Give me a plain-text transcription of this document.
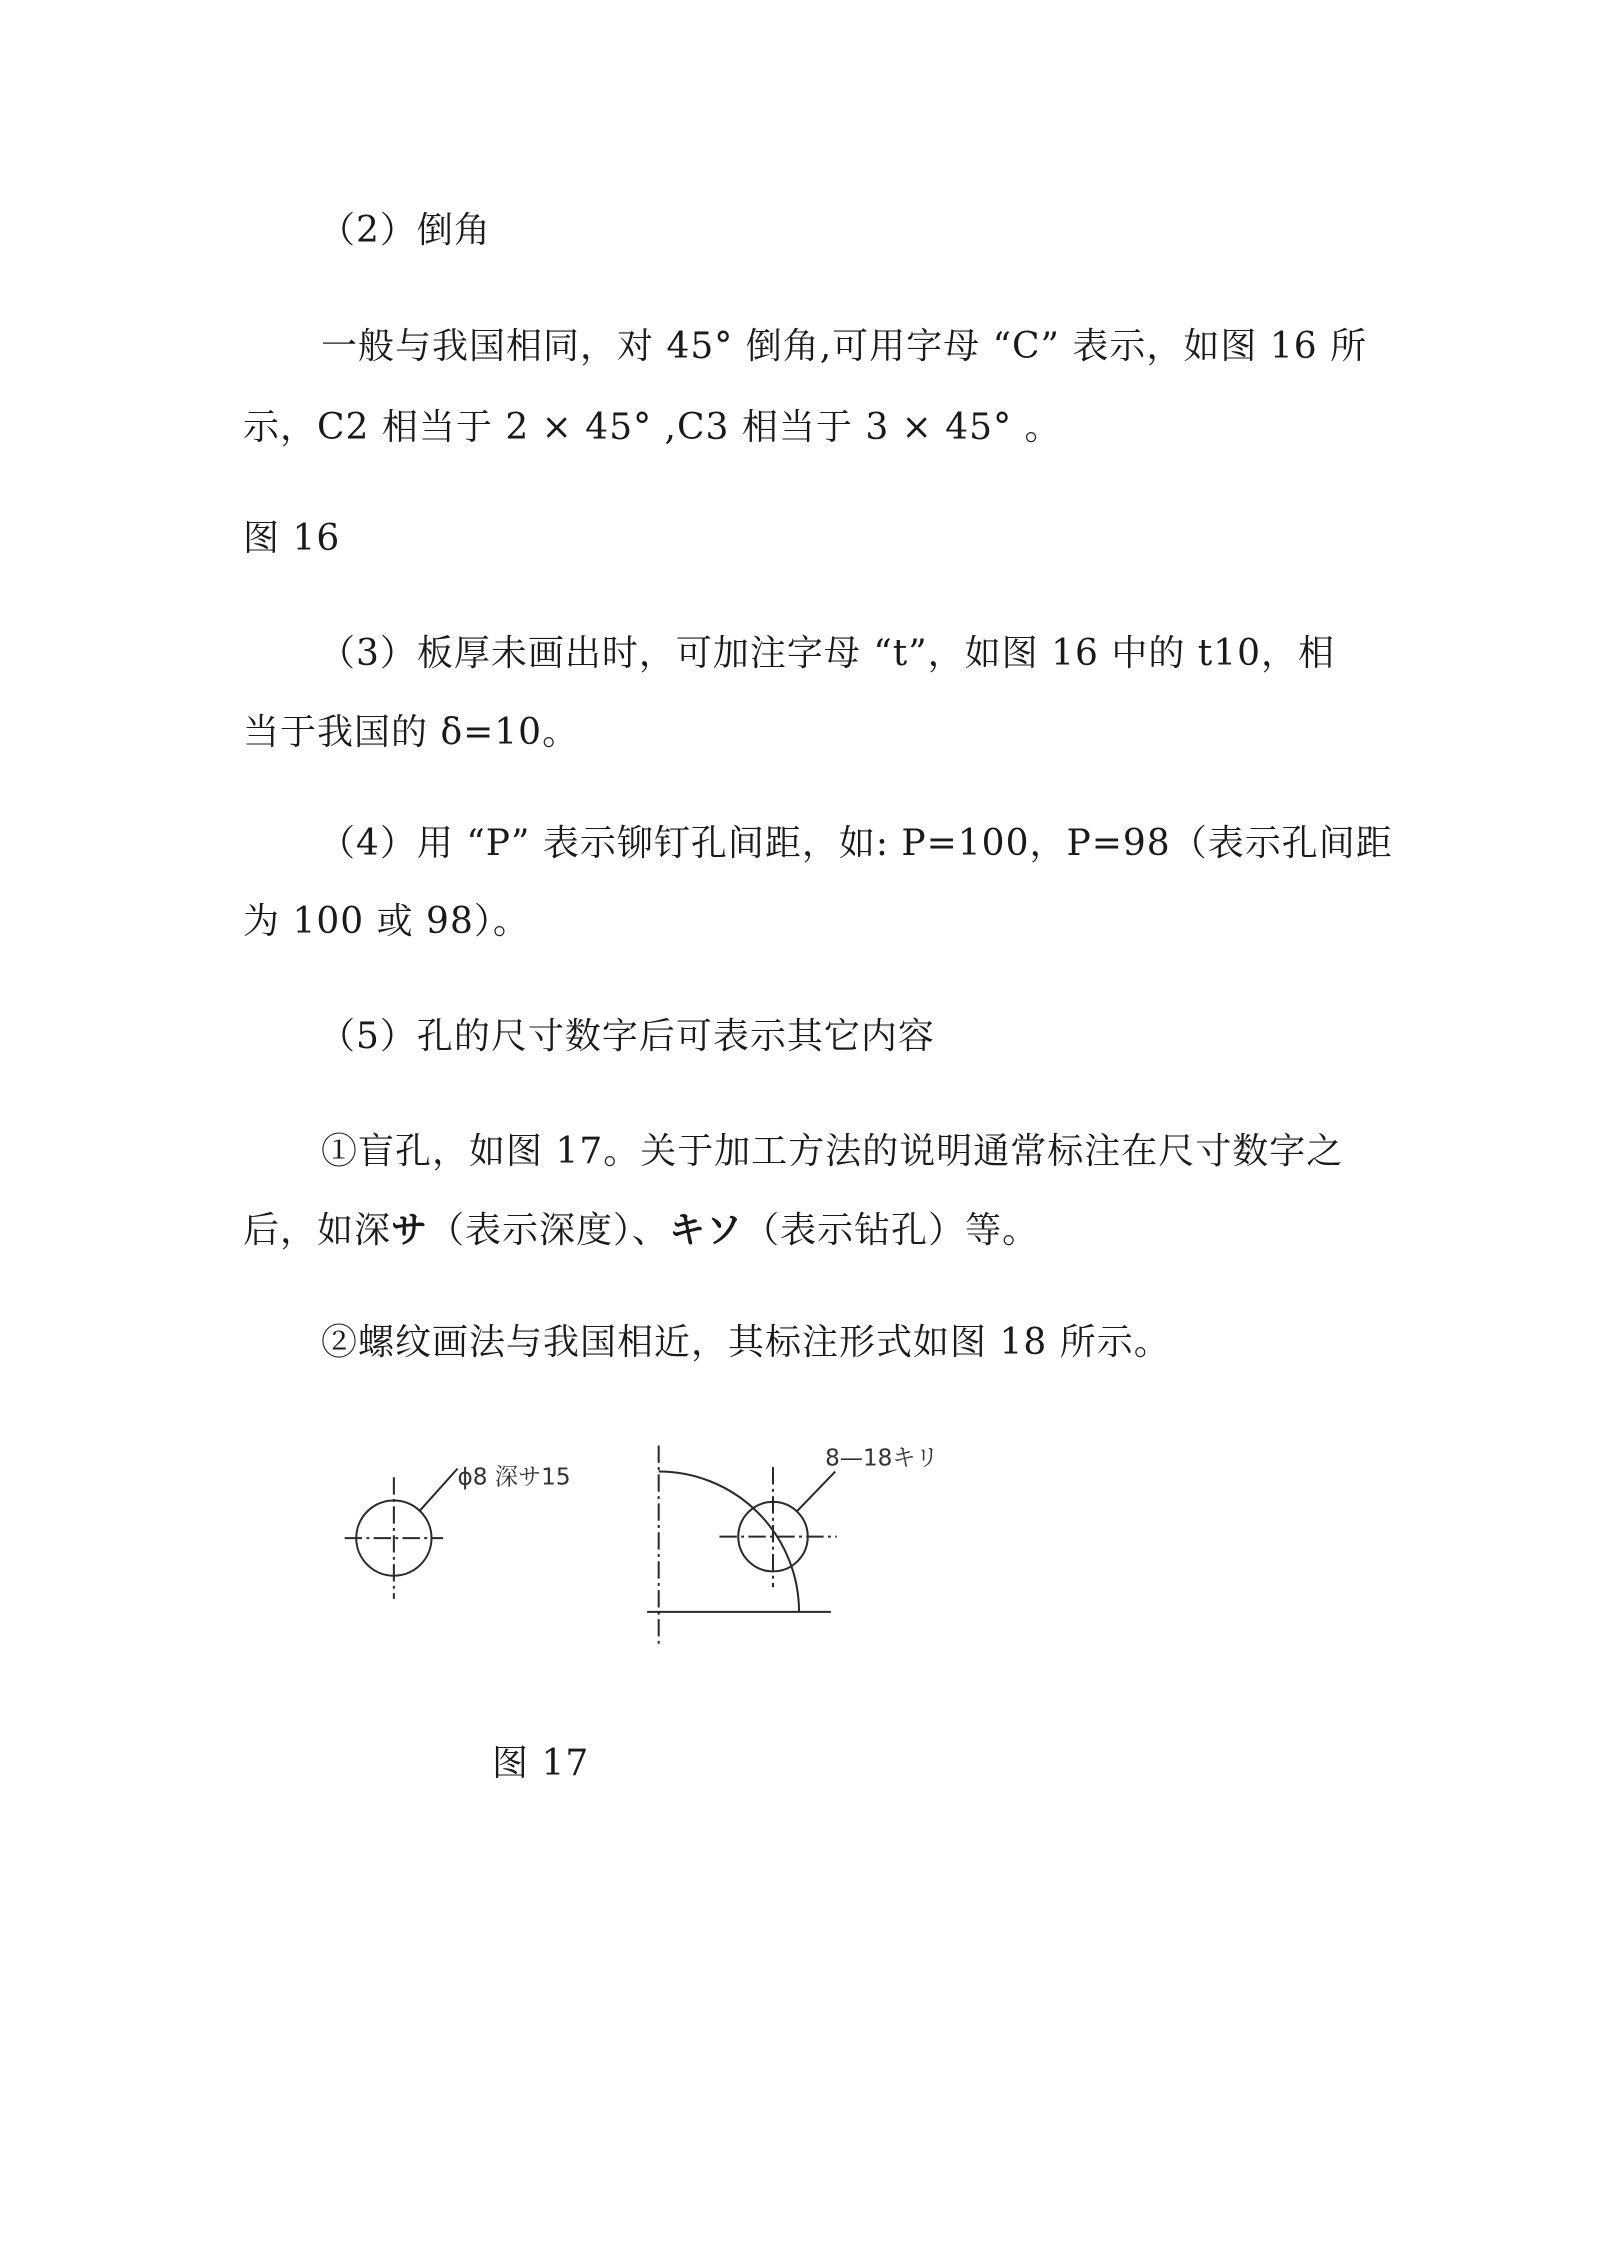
（2）倒角
一般与我国相同，对 45° 倒角,可用字母 “C” 表示，如图 16 所
示，C2 相当于 2 × 45° ,C3 相当于 3 × 45° 。
图 16
（3）板厚未画出时，可加注字母 “t”，如图 16 中的 t10，相
当于我国的 δ=10。
（4）用 “P” 表示铆钉孔间距，如: P=100，P=98（表示孔间距
为 100 或 98）。
（5）孔的尺寸数字后可表示其它内容
①盲孔，如图 17。关于加工方法的说明通常标注在尺寸数字之
后，如深サ（表示深度）、キソ（表示钻孔）等。
②螺纹画法与我国相近，其标注形式如图 18 所示。
ϕ8 深サ15
8—18キリ
图 17
